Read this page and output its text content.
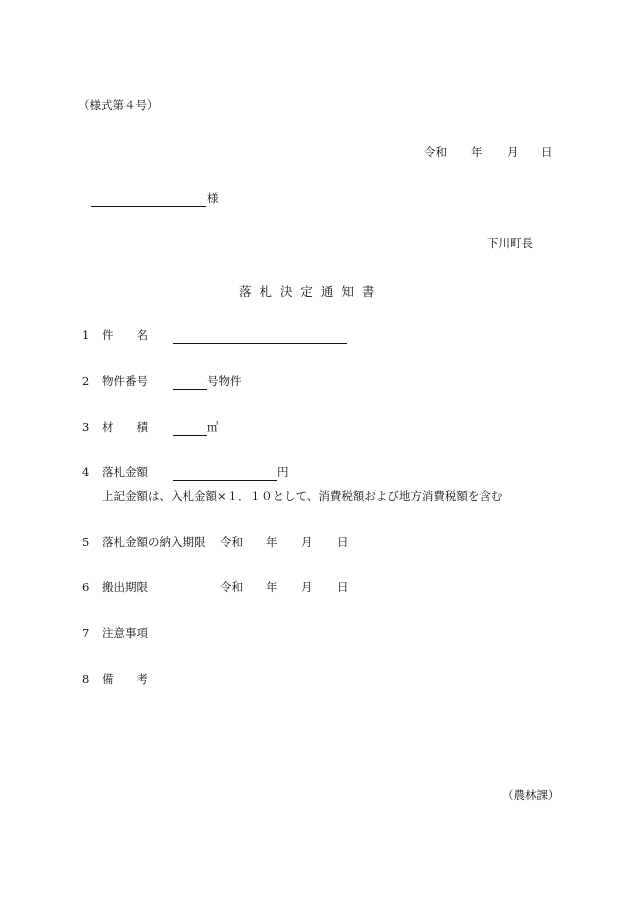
（様式第４号）
令和 年 月 日
様
下川町長
落 札 決 定 通 知 書
1 件　　名
2 物件番号	号物件
3 材　　積	㎥
4 落札金額	円
上記金額は、入札金額×１．１０として、消費税額および地方消費税額を含む
5 落札金額の納入期限 令和 年 月 日
6 搬出期限	令和 年 月 日
7 注意事項
8 備　　考
（農林課）
